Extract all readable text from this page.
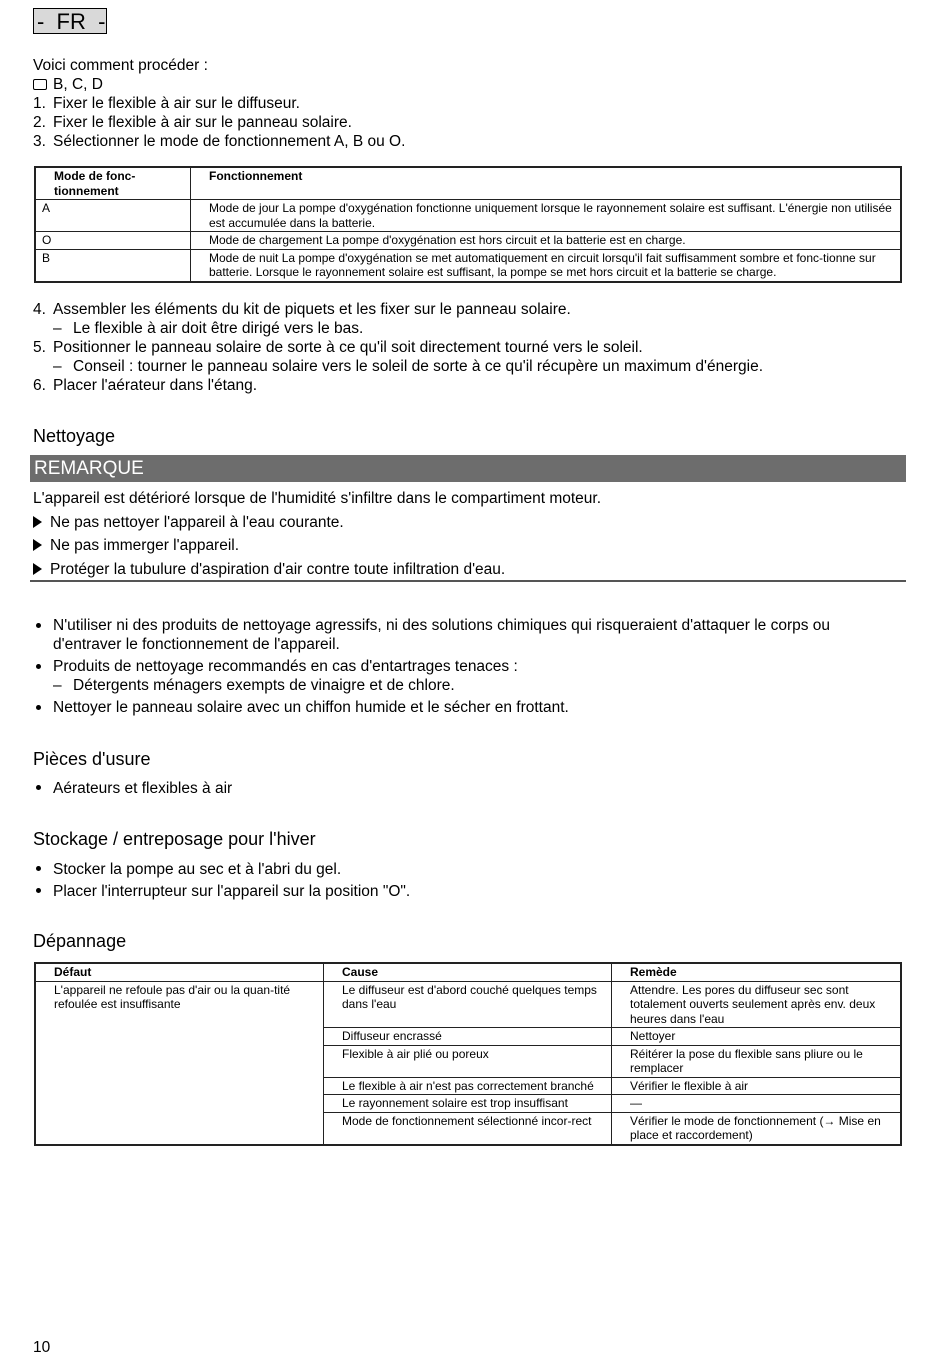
-  FR  -
Voici comment procéder :
B, C, D
1. Fixer le flexible à air sur le diffuseur.
2. Fixer le flexible à air sur le panneau solaire.
3. Sélectionner le mode de fonctionnement A, B ou O.
Mode de fonc-
tionnement	Fonctionnement
A	Mode de jour La pompe d'oxygénation fonctionne uniquement lorsque le rayonnement solaire est suffisant. L'énergie non utilisée est accumulée dans la batterie.
O	Mode de chargement La pompe d'oxygénation est hors circuit et la batterie est en charge.
B	Mode de nuit La pompe d'oxygénation se met automatiquement en circuit lorsqu'il fait suffisamment sombre et fonc-tionne sur batterie. Lorsque le rayonnement solaire est suffisant, la pompe se met hors circuit et la batterie se charge.
4. Assembler les éléments du kit de piquets et les fixer sur le panneau solaire.
– Le flexible à air doit être dirigé vers le bas.
5. Positionner le panneau solaire de sorte à ce qu'il soit directement tourné vers le soleil.
– Conseil : tourner le panneau solaire vers le soleil de sorte à ce qu'il récupère un maximum d'énergie.
6. Placer l'aérateur dans l'étang.
Nettoyage
REMARQUE
L'appareil est détérioré lorsque de l'humidité s'infiltre dans le compartiment moteur.
Ne pas nettoyer l'appareil à l'eau courante.
Ne pas immerger l'appareil.
Protéger la tubulure d'aspiration d'air contre toute infiltration d'eau.
N'utiliser ni des produits de nettoyage agressifs, ni des solutions chimiques qui risqueraient d'attaquer le corps ou d'entraver le fonctionnement de l'appareil.
Produits de nettoyage recommandés en cas d'entartrages tenaces :
– Détergents ménagers exempts de vinaigre et de chlore.
Nettoyer le panneau solaire avec un chiffon humide et le sécher en frottant.
Pièces d'usure
Aérateurs et flexibles à air
Stockage / entreposage pour l'hiver
Stocker la pompe au sec et à l'abri du gel.
Placer l'interrupteur sur l'appareil sur la position "O".
Dépannage
Défaut	Cause	Remède
L'appareil ne refoule pas d'air ou la quan-tité refoulée est insuffisante	Le diffuseur est d'abord couché quelques temps dans l'eau	Attendre. Les pores du diffuseur sec sont totalement ouverts seulement après env. deux heures dans l'eau
	Diffuseur encrassé	Nettoyer
	Flexible à air plié ou poreux	Réitérer la pose du flexible sans pliure ou le remplacer
	Le flexible à air n'est pas correctement branché	Vérifier le flexible à air
	Le rayonnement solaire est trop insuffisant	—
	Mode de fonctionnement sélectionné incor-rect	Vérifier le mode de fonctionnement (→ Mise en place et raccordement)
10
